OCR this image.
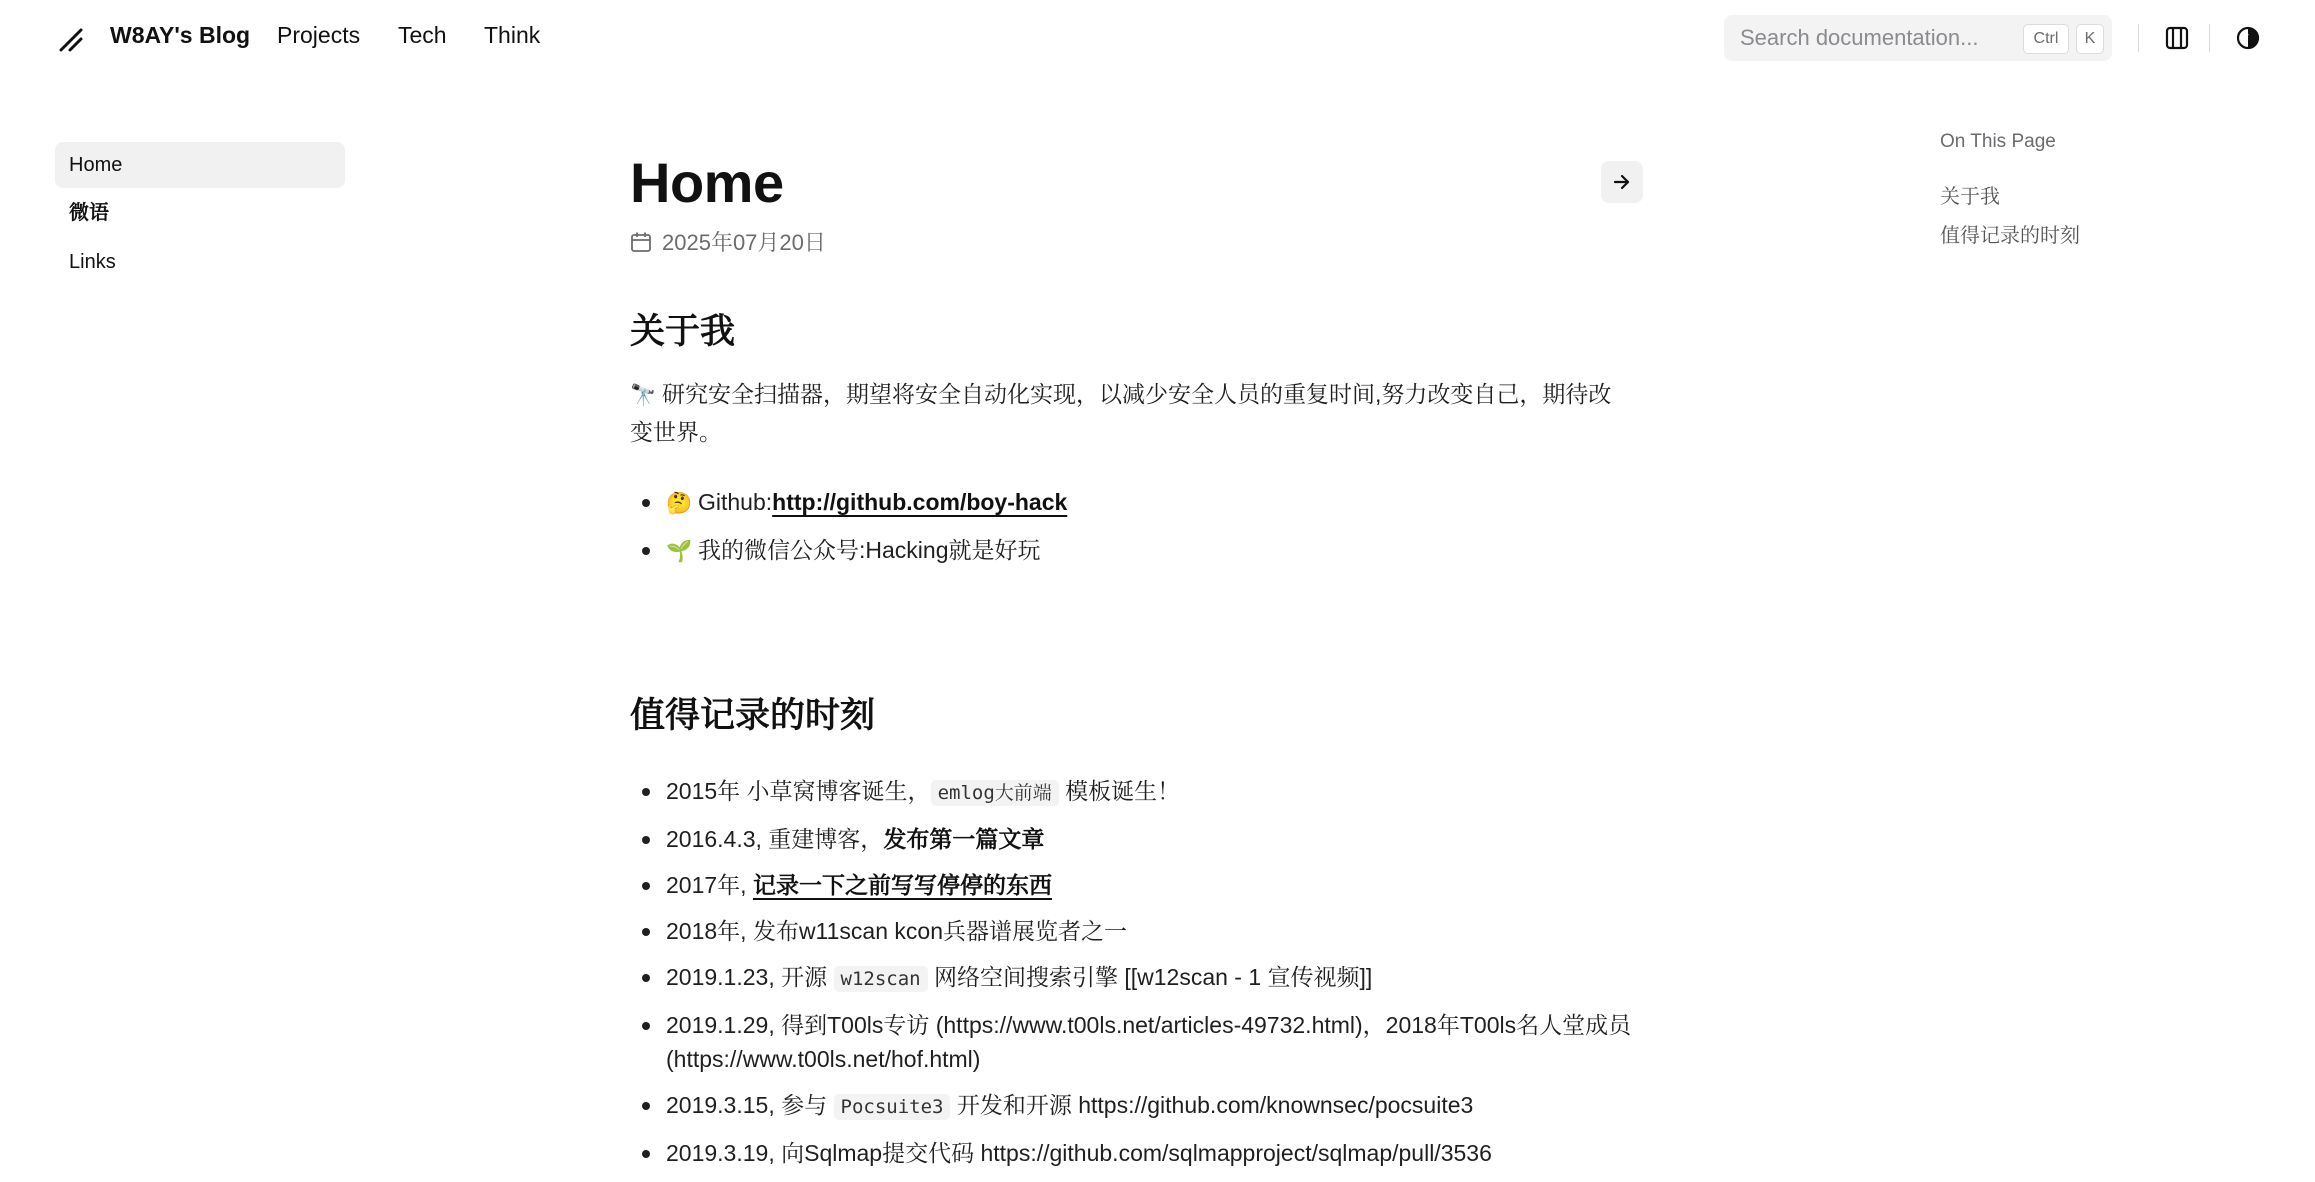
W8AY's Blog Projects Tech Think
Search documentation...	Ctrl	K
Home
微语
Links
Home
2025年07月20日
关于我

🔭 研究安全扫描器，期望将安全自动化实现，以减少安全人员的重复时间,努力改变自己，期待改变世界。

🤔 Github:http://github.com/boy-hack
🌱 我的微信公众号:Hacking就是好玩
值得记录的时刻
2015年 小草窝博客诞生， emlog大前端 模板诞生！
2016.4.3, 重建博客，发布第一篇文章
2017年, 记录一下之前写写停停的东西
2018年, 发布w11scan kcon兵器谱展览者之一
2019.1.23, 开源 w12scan 网络空间搜索引擎 [[w12scan - 1 宣传视频]]
2019.1.29, 得到T00ls专访 (https://www.t00ls.net/articles-49732.html)，2018年T00ls名人堂成员 (https://www.t00ls.net/hof.html)
2019.3.15, 参与 Pocsuite3 开发和开源 https://github.com/knownsec/pocsuite3
2019.3.19, 向Sqlmap提交代码 https://github.com/sqlmapproject/sqlmap/pull/3536
On This Page
关于我
值得记录的时刻
